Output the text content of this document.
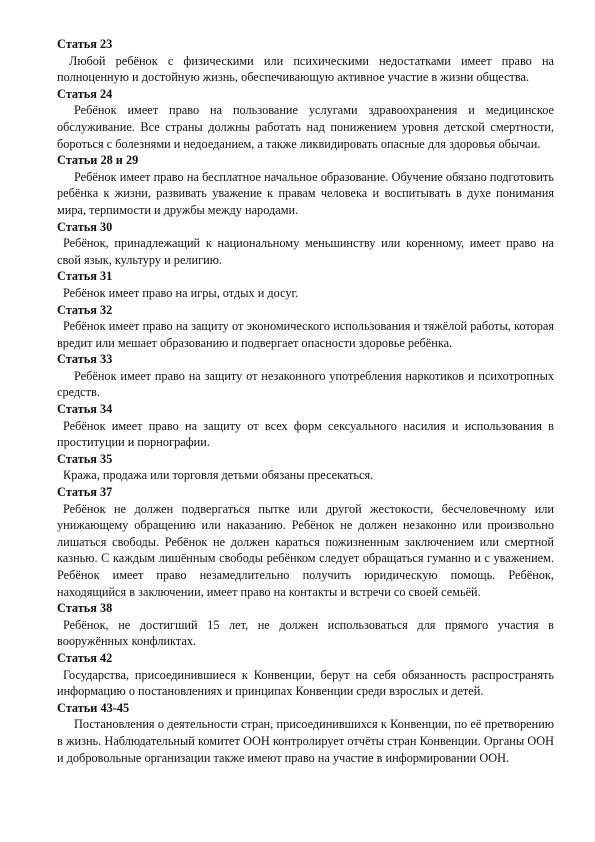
Статья 23
Любой ребёнок с физическими или психическими недостатками имеет право на полноценную и достойную жизнь, обеспечивающую активное участие в жизни общества.
Статья 24
Ребёнок имеет право на пользование услугами здравоохранения и медицинское обслуживание. Все страны должны работать над понижением уровня детской смертности, бороться с болезнями и недоеданием, а также ликвидировать опасные для здоровья обычаи.
Статьи 28 и 29
Ребёнок имеет право на бесплатное начальное образование. Обучение обязано подготовить ребёнка к жизни, развивать уважение к правам человека и воспитывать в духе понимания мира, терпимости и дружбы между народами.
Статья 30
Ребёнок, принадлежащий к национальному меньшинству или коренному, имеет право на свой язык, культуру и религию.
Статья 31
Ребёнок имеет право на игры, отдых и досуг.
Статья 32
Ребёнок имеет право на защиту от экономического использования и тяжёлой работы, которая вредит или мешает образованию и подвергает опасности здоровье ребёнка.
Статья 33
Ребёнок имеет право на защиту от незаконного употребления наркотиков и психотропных средств.
Статья 34
Ребёнок имеет право на защиту от всех форм сексуального насилия и использования в проституции и порнографии.
Статья 35
Кража, продажа или торговля детьми обязаны пресекаться.
Статья 37
Ребёнок не должен подвергаться пытке или другой жестокости, бесчеловечному или унижающему обращению или наказанию. Ребёнок не должен незаконно или произвольно лишаться свободы. Ребёнок не должен караться пожизненным заключением или смертной казнью. С каждым лишённым свободы ребёнком следует обращаться гуманно и с уважением. Ребёнок имеет право незамедлительно получить юридическую помощь. Ребёнок, находящийся в заключении, имеет право на контакты и встречи со своей семьёй.
Статья 38
Ребёнок, не достигший 15 лет, не должен использоваться для прямого участия в вооружённых конфликтах.
Статья 42
Государства, присоединившиеся к Конвенции, берут на себя обязанность распространять информацию о постановлениях и принципах Конвенции среди взрослых и детей.
Статьи 43-45
Постановления о деятельности стран, присоединившихся к Конвенции, по её претворению в жизнь. Наблюдательный комитет ООН контролирует отчёты стран Конвенции. Органы ООН и добровольные организации также имеют право на участие в информировании ООН.
